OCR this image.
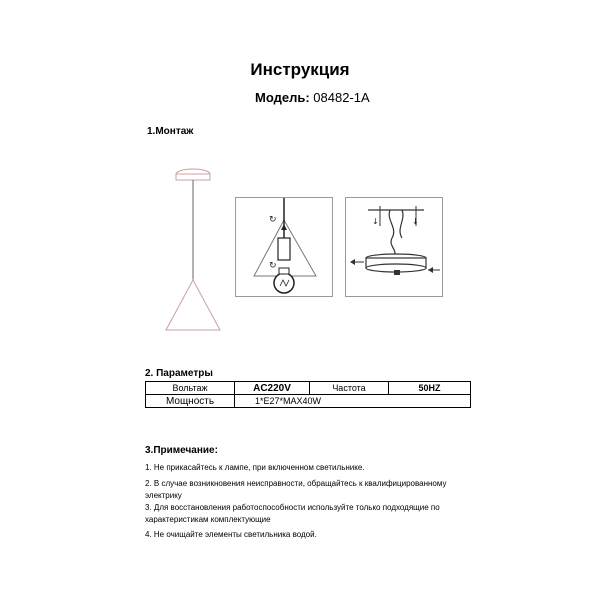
Инструкция
Модель: 08482-1A
1.Монтаж
↻
↻
↓	↓
2. Параметры
Вольтаж	AC220V	Частота	50HZ
Мощность	1*E27*MAX40W		
3.Примечание:
1. Не прикасайтесь к лампе, при включенном светильнике.
2. В случае возникновения неисправности, обращайтесь к квалифицированному электрику
3. Для восстановления работоспособности используйте только подходящие по характеристикам комплектующие
4. Не очищайте элементы светильника водой.
